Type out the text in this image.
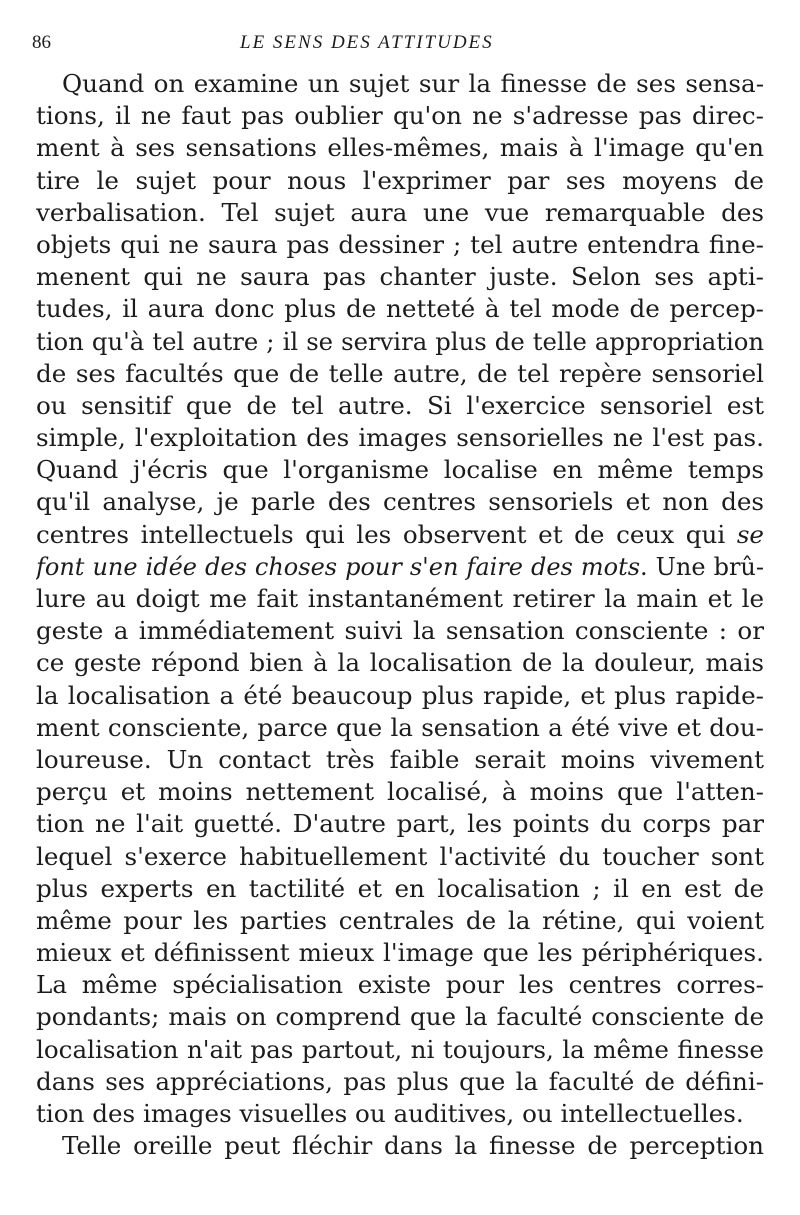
86	LE SENS DES ATTITUDES
Quand on examine un sujet sur la finesse de ses sensa-
tions, il ne faut pas oublier qu'on ne s'adresse pas direc-
ment à ses sensations elles-mêmes, mais à l'image qu'en
tire le sujet pour nous l'exprimer par ses moyens de
verbalisation. Tel sujet aura une vue remarquable des
objets qui ne saura pas dessiner ; tel autre entendra fine-
menent qui ne saura pas chanter juste. Selon ses apti-
tudes, il aura donc plus de netteté à tel mode de percep-
tion qu'à tel autre ; il se servira plus de telle appropriation
de ses facultés que de telle autre, de tel repère sensoriel
ou sensitif que de tel autre. Si l'exercice sensoriel est
simple, l'exploitation des images sensorielles ne l'est pas.
Quand j'écris que l'organisme localise en même temps
qu'il analyse, je parle des centres sensoriels et non des
centres intellectuels qui les observent et de ceux qui se
font une idée des choses pour s'en faire des mots. Une brû-
lure au doigt me fait instantanément retirer la main et le
geste a immédiatement suivi la sensation consciente : or
ce geste répond bien à la localisation de la douleur, mais
la localisation a été beaucoup plus rapide, et plus rapide-
ment consciente, parce que la sensation a été vive et dou-
loureuse. Un contact très faible serait moins vivement
perçu et moins nettement localisé, à moins que l'atten-
tion ne l'ait guetté. D'autre part, les points du corps par
lequel s'exerce habituellement l'activité du toucher sont
plus experts en tactilité et en localisation ; il en est de
même pour les parties centrales de la rétine, qui voient
mieux et définissent mieux l'image que les périphériques.
La même spécialisation existe pour les centres corres-
pondants; mais on comprend que la faculté consciente de
localisation n'ait pas partout, ni toujours, la même finesse
dans ses appréciations, pas plus que la faculté de défini-
tion des images visuelles ou auditives, ou intellectuelles.
Telle oreille peut fléchir dans la finesse de perception
